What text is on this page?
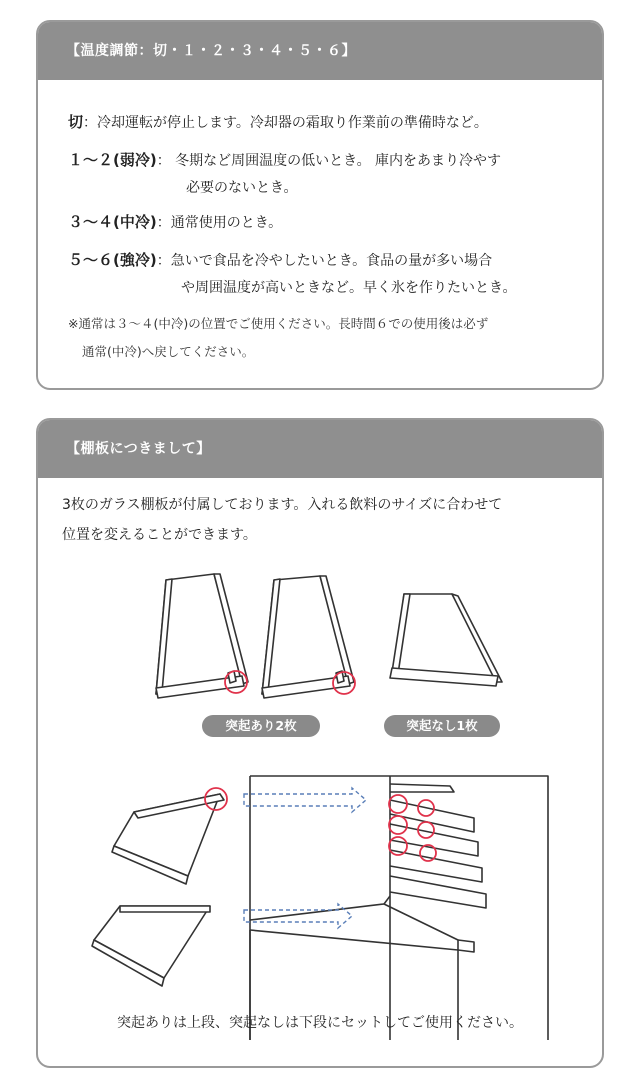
【温度調節：切・１・２・３・４・５・６】
切：冷却運転が停止します。冷却器の霜取り作業前の準備時など。
１～２(弱冷)： 冬期など周囲温度の低いとき。 庫内をあまり冷やす
必要のないとき。
３～４(中冷)：通常使用のとき。
５～６(強冷)：急いで食品を冷やしたいとき。食品の量が多い場合
や周囲温度が高いときなど。早く氷を作りたいとき。
※通常は３～４(中冷)の位置でご使用ください。長時間６での使用後は必ず
通常(中冷)へ戻してください。
【棚板につきまして】
3枚のガラス棚板が付属しております。入れる飲料のサイズに合わせて
位置を変えることができます。
突起あり2枚	突起なし1枚
突起ありは上段、突起なしは下段にセットしてご使用ください。
